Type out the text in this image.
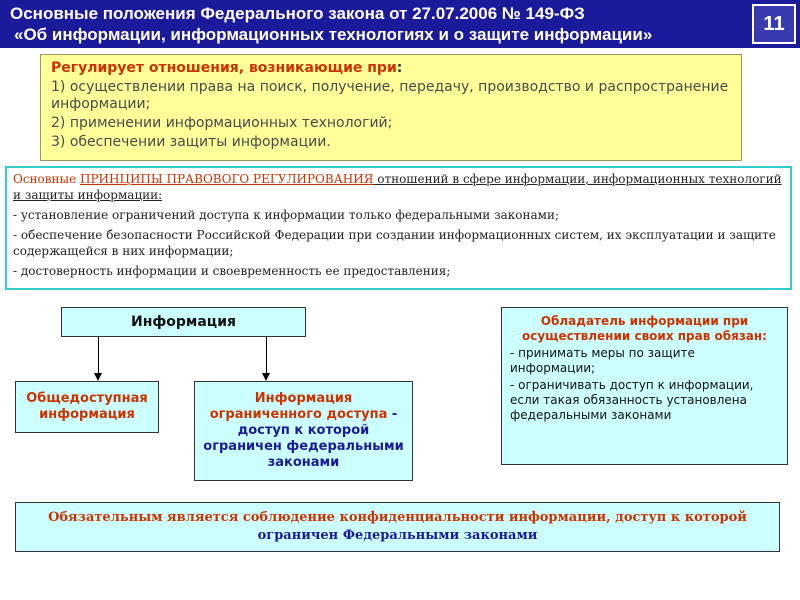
Основные положения Федерального закона от 27.07.2006 № 149-ФЗ
«Об информации, информационных технологиях и о защите информации»	11
Регулирует отношения, возникающие при:
1) осуществлении права на поиск, получение, передачу, производство и распространение информации;
2) применении информационных технологий;
3) обеспечении защиты информации.
Основные ПРИНЦИПЫ ПРАВОВОГО РЕГУЛИРОВАНИЯ отношений в сфере информации, информационных технологий и защиты информации:
- установление ограничений доступа к информации только федеральными законами;
- обеспечение безопасности Российской Федерации при создании информационных систем, их эксплуатации и защите содержащейся в них информации;
- достоверность информации и своевременность ее предоставления;
Информация
Общедоступная информация
Информация ограниченного доступа - доступ к которой ограничен федеральными законами
Обладатель информации при осуществлении своих прав обязан:
- принимать меры по защите информации;
- ограничивать доступ к информации, если такая обязанность установлена федеральными законами
Обязательным является соблюдение конфиденциальности информации, доступ к которой ограничен Федеральными законами
